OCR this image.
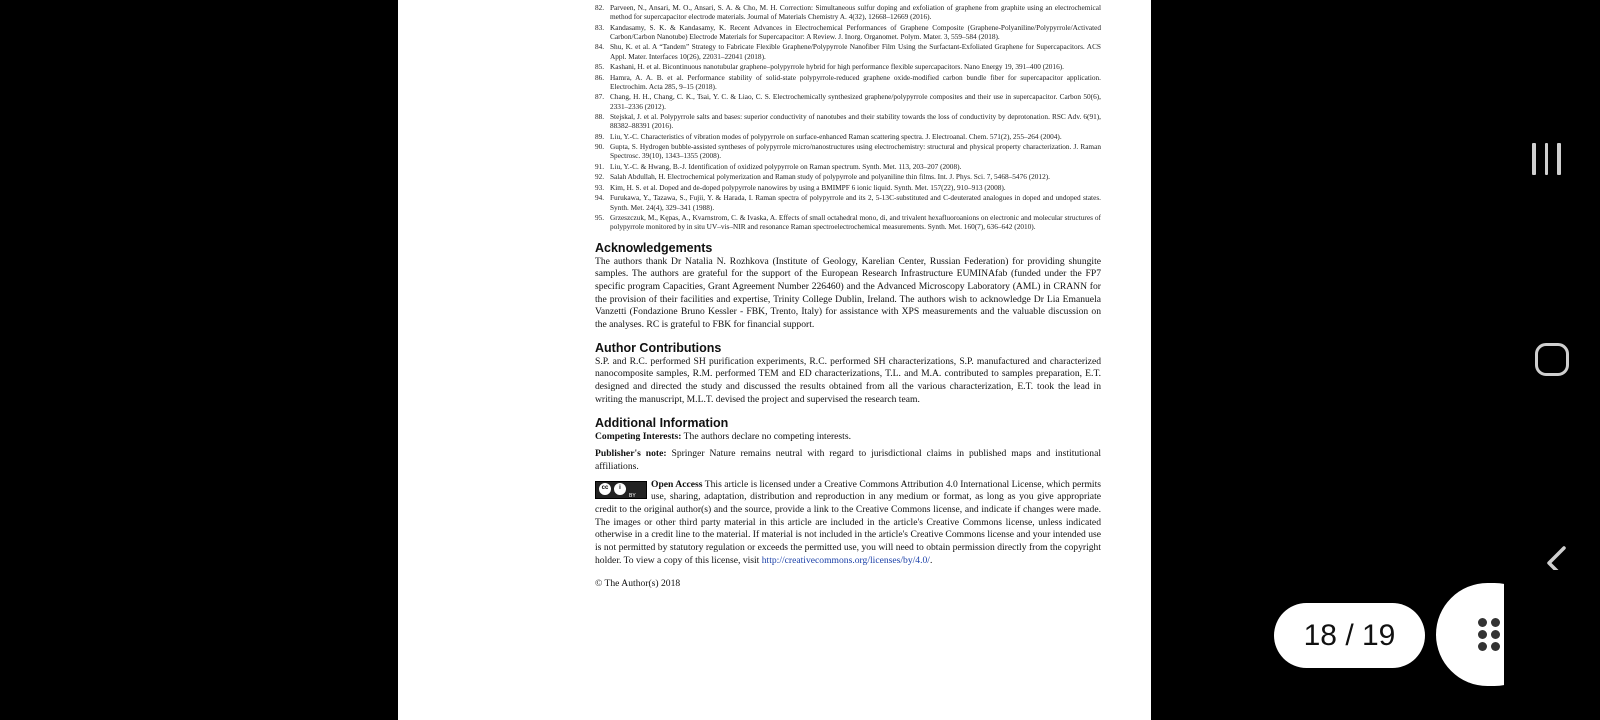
82. Parveen, N., Ansari, M. O., Ansari, S. A. & Cho, M. H. Correction: Simultaneous sulfur doping and exfoliation of graphene from graphite using an electrochemical method for supercapacitor electrode materials. Journal of Materials Chemistry A. 4(32), 12668–12669 (2016).
83. Kandasamy, S. K. & Kandasamy, K. Recent Advances in Electrochemical Performances of Graphene Composite (Graphene-Polyaniline/Polypyrrole/Activated Carbon/Carbon Nanotube) Electrode Materials for Supercapacitor: A Review. J. Inorg. Organomet. Polym. Mater. 3, 559–584 (2018).
84. Shu, K. et al. A “Tandem” Strategy to Fabricate Flexible Graphene/Polypyrrole Nanofiber Film Using the Surfactant-Exfoliated Graphene for Supercapacitors. ACS Appl. Mater. Interfaces 10(26), 22031–22041 (2018).
85. Kashani, H. et al. Bicontinuous nanotubular graphene–polypyrrole hybrid for high performance flexible supercapacitors. Nano Energy 19, 391–400 (2016).
86. Hamra, A. A. B. et al. Performance stability of solid-state polypyrrole-reduced graphene oxide-modified carbon bundle fiber for supercapacitor application. Electrochim. Acta 285, 9–15 (2018).
87. Chang, H. H., Chang, C. K., Tsai, Y. C. & Liao, C. S. Electrochemically synthesized graphene/polypyrrole composites and their use in supercapacitor. Carbon 50(6), 2331–2336 (2012).
88. Stejskal, J. et al. Polypyrrole salts and bases: superior conductivity of nanotubes and their stability towards the loss of conductivity by deprotonation. RSC Adv. 6(91), 88382–88391 (2016).
89. Liu, Y.-C. Characteristics of vibration modes of polypyrrole on surface-enhanced Raman scattering spectra. J. Electroanal. Chem. 571(2), 255–264 (2004).
90. Gupta, S. Hydrogen bubble-assisted syntheses of polypyrrole micro/nanostructures using electrochemistry: structural and physical property characterization. J. Raman Spectrosc. 39(10), 1343–1355 (2008).
91. Liu, Y.-C. & Hwang, B.-J. Identification of oxidized polypyrrole on Raman spectrum. Synth. Met. 113, 203–207 (2008).
92. Salah Abdullah, H. Electrochemical polymerization and Raman study of polypyrrole and polyaniline thin films. Int. J. Phys. Sci. 7, 5468–5476 (2012).
93. Kim, H. S. et al. Doped and de-doped polypyrrole nanowires by using a BMIMPF 6 ionic liquid. Synth. Met. 157(22), 910–913 (2008).
94. Furukawa, Y., Tazawa, S., Fujii, Y. & Harada, I. Raman spectra of polypyrrole and its 2, 5-13C-substituted and C-deuterated analogues in doped and undoped states. Synth. Met. 24(4), 329–341 (1988).
95. Grzeszczuk, M., Kępas, A., Kvarnstrom, C. & Ivaska, A. Effects of small octahedral mono, di, and trivalent hexafluoroanions on electronic and molecular structures of polypyrrole monitored by in situ UV–vis–NIR and resonance Raman spectroelectrochemical measurements. Synth. Met. 160(7), 636–642 (2010).
Acknowledgements

The authors thank Dr Natalia N. Rozhkova (Institute of Geology, Karelian Center, Russian Federation) for providing shungite samples. The authors are grateful for the support of the European Research Infrastructure EUMINAfab (funded under the FP7 specific program Capacities, Grant Agreement Number 226460) and the Advanced Microscopy Laboratory (AML) in CRANN for the provision of their facilities and expertise, Trinity College Dublin, Ireland. The authors wish to acknowledge Dr Lia Emanuela Vanzetti (Fondazione Bruno Kessler - FBK, Trento, Italy) for assistance with XPS measurements and the valuable discussion on the analyses. RC is grateful to FBK for financial support.

Author Contributions

S.P. and R.C. performed SH purification experiments, R.C. performed SH characterizations, S.P. manufactured and characterized nanocomposite samples, R.M. performed TEM and ED characterizations, T.L. and M.A. contributed to samples preparation, E.T. designed and directed the study and discussed the results obtained from all the various characterization, E.T. took the lead in writing the manuscript, M.L.T. devised the project and supervised the research team.

Additional Information

Competing Interests: The authors declare no competing interests.

Publisher's note: Springer Nature remains neutral with regard to jurisdictional claims in published maps and institutional affiliations.

cc	i
BY
Open Access This article is licensed under a Creative Commons Attribution 4.0 International License, which permits use, sharing, adaptation, distribution and reproduction in any medium or format, as long as you give appropriate credit to the original author(s) and the source, provide a link to the Creative Commons license, and indicate if changes were made. The images or other third party material in this article are included in the article's Creative Commons license, unless indicated otherwise in a credit line to the material. If material is not included in the article's Creative Commons license and your intended use is not permitted by statutory regulation or exceeds the permitted use, you will need to obtain permission directly from the copyright holder. To view a copy of this license, visit http://creativecommons.org/licenses/by/4.0/.

© The Author(s) 2018
18 / 19
